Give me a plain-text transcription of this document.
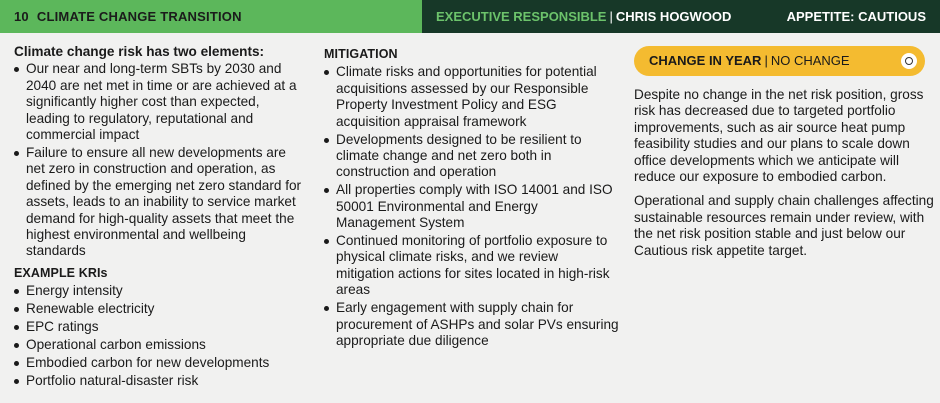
10 CLIMATE CHANGE TRANSITION	EXECUTIVE RESPONSIBLE | CHRIS HOGWOOD	APPETITE: CAUTIOUS

Climate change risk has two elements:

Our near and long-term SBTs by 2030 and 2040 are net met in time or are achieved at a significantly higher cost than expected, leading to regulatory, reputational and commercial impact
Failure to ensure all new developments are net zero in construction and operation, as defined by the emerging net zero standard for assets, leads to an inability to service market demand for high-quality assets that meet the highest environmental and wellbeing standards
EXAMPLE KRIs
Energy intensity
Renewable electricity
EPC ratings
Operational carbon emissions
Embodied carbon for new developments
Portfolio natural-disaster risk
MITIGATION
Climate risks and opportunities for potential acquisitions assessed by our Responsible Property Investment Policy and ESG acquisition appraisal framework
Developments designed to be resilient to climate change and net zero both in construction and operation
All properties comply with ISO 14001 and ISO 50001 Environmental and Energy Management System
Continued monitoring of portfolio exposure to physical climate risks, and we review mitigation actions for sites located in high-risk areas
Early engagement with supply chain for procurement of ASHPs and solar PVs ensuring appropriate due diligence
CHANGE IN YEAR | NO CHANGE

Despite no change in the net risk position, gross risk has decreased due to targeted portfolio improvements, such as air source heat pump feasibility studies and our plans to scale down office developments which we anticipate will reduce our exposure to embodied carbon.

Operational and supply chain challenges affecting sustainable resources remain under review, with the net risk position stable and just below our Cautious risk appetite target.
